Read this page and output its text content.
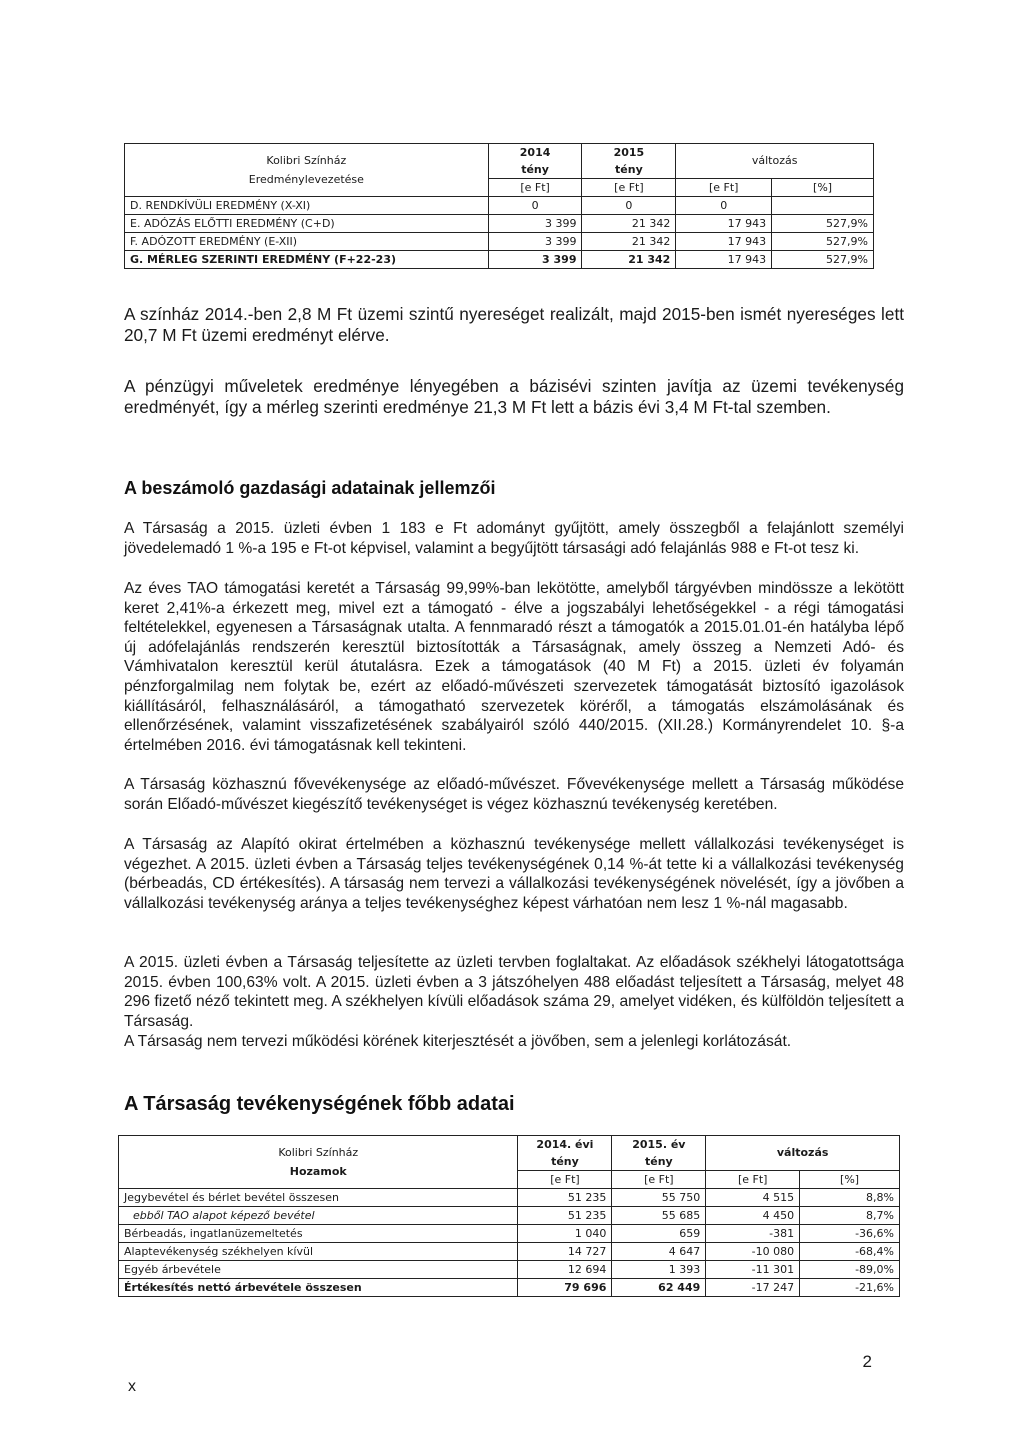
Kolibri Színház
Eredménylevezetése	2014	2015	változás	
	tény	tény		
	[e Ft]	[e Ft]	[e Ft]	[%]
D. RENDKÍVÜLI EREDMÉNY (X-XI)	0	0	0	
E. ADÓZÁS ELŐTTI EREDMÉNY (C+D)	3 399	21 342	17 943	527,9%
F. ADÓZOTT EREDMÉNY (E-XII)	3 399	21 342	17 943	527,9%
G. MÉRLEG SZERINTI EREDMÉNY (F+22-23)	3 399	21 342	17 943	527,9%
A színház 2014.-ben 2,8 M Ft üzemi szintű nyereséget realizált, majd 2015-ben ismét nyereséges lett 20,7 M Ft üzemi eredményt elérve.
A pénzügyi műveletek eredménye lényegében a bázisévi szinten javítja az üzemi tevékenység eredményét, így a mérleg szerinti eredménye 21,3 M Ft lett a bázis évi 3,4 M Ft-tal szemben.
A beszámoló gazdasági adatainak jellemzői
A Társaság a 2015. üzleti évben 1 183 e Ft adományt gyűjtött, amely összegből a felajánlott személyi jövedelemadó 1 %-a 195 e Ft-ot képvisel, valamint a begyűjtött társasági adó felajánlás 988 e Ft-ot tesz ki.
Az éves TAO támogatási keretét a Társaság 99,99%-ban lekötötte, amelyből tárgyévben mindössze a lekötött keret 2,41%-a érkezett meg, mivel ezt a támogató - élve a jogszabályi lehetőségekkel - a régi támogatási feltételekkel, egyenesen a Társaságnak utalta. A fennmaradó részt a támogatók a 2015.01.01-én hatályba lépő új adófelajánlás rendszerén keresztül biztosították a Társaságnak, amely összeg a Nemzeti Adó- és Vámhivatalon keresztül kerül átutalásra. Ezek a támogatások (40 M Ft) a 2015. üzleti év folyamán pénzforgalmilag nem folytak be, ezért az előadó-művészeti szervezetek támogatását biztosító igazolások kiállításáról, felhasználásáról, a támogatható szervezetek köréről, a támogatás elszámolásának és ellenőrzésének, valamint visszafizetésének szabályairól szóló 440/2015. (XII.28.) Kormányrendelet 10. §-a értelmében 2016. évi támogatásnak kell tekinteni.
A Társaság közhasznú fővevékenysége az előadó-művészet. Fővevékenysége mellett a Társaság működése során Előadó-művészet kiegészítő tevékenységet is végez közhasznú tevékenység keretében.
A Társaság az Alapító okirat értelmében a közhasznú tevékenysége mellett vállalkozási tevékenységet is végezhet. A 2015. üzleti évben a Társaság teljes tevékenységének 0,14 %-át tette ki a vállalkozási tevékenység (bérbeadás, CD értékesítés). A társaság nem tervezi a vállalkozási tevékenységének növelését, így a jövőben a vállalkozási tevékenység aránya a teljes tevékenységhez képest várhatóan nem lesz 1 %-nál magasabb.
A 2015. üzleti évben a Társaság teljesítette az üzleti tervben foglaltakat. Az előadások székhelyi látogatottsága 2015. évben 100,63% volt. A 2015. üzleti évben a 3 játszóhelyen 488 előadást teljesített a Társaság, melyet 48 296 fizető néző tekintett meg. A székhelyen kívüli előadások száma 29, amelyet vidéken, és külföldön teljesített a Társaság.
A Társaság nem tervezi működési körének kiterjesztését a jövőben, sem a jelenlegi korlátozását.
A Társaság tevékenységének főbb adatai
Kolibri Színház
Hozamok	2014. évi	2015. év	változás	
	tény	tény		
	[e Ft]	[e Ft]	[e Ft]	[%]
Jegybevétel és bérlet bevétel összesen	51 235	55 750	4 515	8,8%
ebből TAO alapot képező bevétel	51 235	55 685	4 450	8,7%
Bérbeadás, ingatlanüzemeltetés	1 040	659	-381	-36,6%
Alaptevékenység székhelyen kívül	14 727	4 647	-10 080	-68,4%
Egyéb árbevétele	12 694	1 393	-11 301	-89,0%
Értékesítés nettó árbevétele összesen	79 696	62 449	-17 247	-21,6%
2
x
